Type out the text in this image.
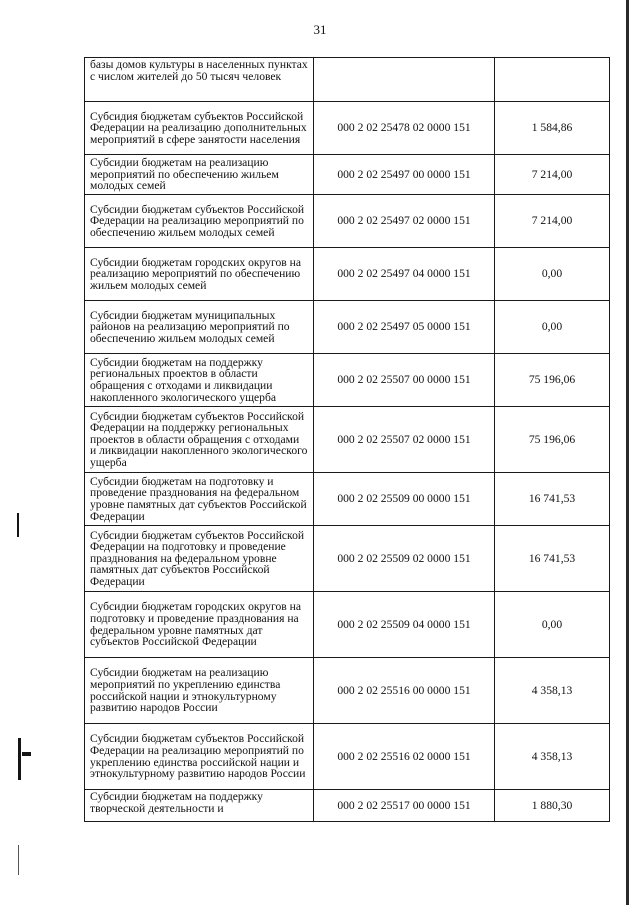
31
базы домов культуры в населенных пунктах с числом жителей до 50 тысяч человек		

Субсидия бюджетам субъектов Российской Федерации на реализацию дополнительных мероприятий в сфере занятости населения	000 2 02 25478 02 0000 151	1 584,86

Субсидии бюджетам на реализацию мероприятий по обеспечению жильем молодых семей	000 2 02 25497 00 0000 151	7 214,00

Субсидии бюджетам субъектов Российской Федерации на реализацию мероприятий по обеспечению жильем молодых семей	000 2 02 25497 02 0000 151	7 214,00

Субсидии бюджетам городских округов на реализацию мероприятий по обеспечению жильем молодых семей	000 2 02 25497 04 0000 151	0,00

Субсидии бюджетам муниципальных районов на реализацию мероприятий по обеспечению жильем молодых семей	000 2 02 25497 05 0000 151	0,00

Субсидии бюджетам на поддержку региональных проектов в области обращения с отходами и ликвидации накопленного экологического ущерба	000 2 02 25507 00 0000 151	75 196,06

Субсидии бюджетам субъектов Российской Федерации на поддержку региональных проектов в области обращения с отходами и ликвидации накопленного экологического ущерба	000 2 02 25507 02 0000 151	75 196,06

Субсидии бюджетам на подготовку и проведение празднования на федеральном уровне памятных дат субъектов Российской Федерации	000 2 02 25509 00 0000 151	16 741,53

Субсидии бюджетам субъектов Российской Федерации на подготовку и проведение празднования на федеральном уровне памятных дат субъектов Российской Федерации	000 2 02 25509 02 0000 151	16 741,53

Субсидии бюджетам городских округов на подготовку и проведение празднования на федеральном уровне памятных дат субъектов Российской Федерации	000 2 02 25509 04 0000 151	0,00

Субсидии бюджетам на реализацию мероприятий по укреплению единства российской нации и этнокультурному развитию народов России	000 2 02 25516 00 0000 151	4 358,13

Субсидии бюджетам субъектов Российской Федерации на реализацию мероприятий по укреплению единства российской нации и этнокультурному развитию народов России	000 2 02 25516 02 0000 151	4 358,13

Субсидии бюджетам на поддержку творческой деятельности и	000 2 02 25517 00 0000 151	1 880,30
